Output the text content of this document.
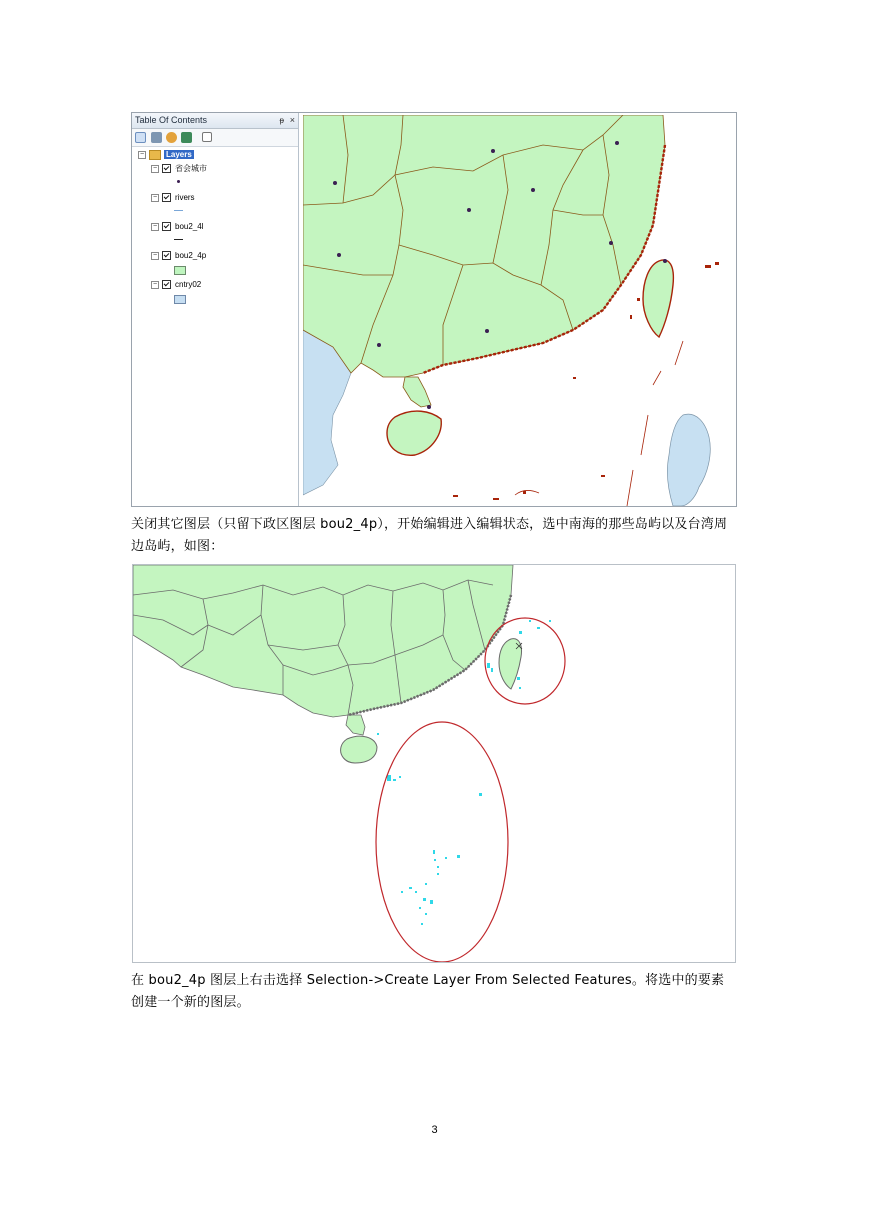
Table Of Contents	ᵽ ×
−	Layers
− 省会城市
− rivers
− bou2_4l
− bou2_4p
− cntry02
关闭其它图层（只留下政区图层 bou2_4p），开始编辑进入编辑状态，选中南海的那些岛屿以及台湾周边岛屿，如图：
在 bou2_4p 图层上右击选择 Selection->Create Layer From Selected Features。将选中的要素创建一个新的图层。
3
